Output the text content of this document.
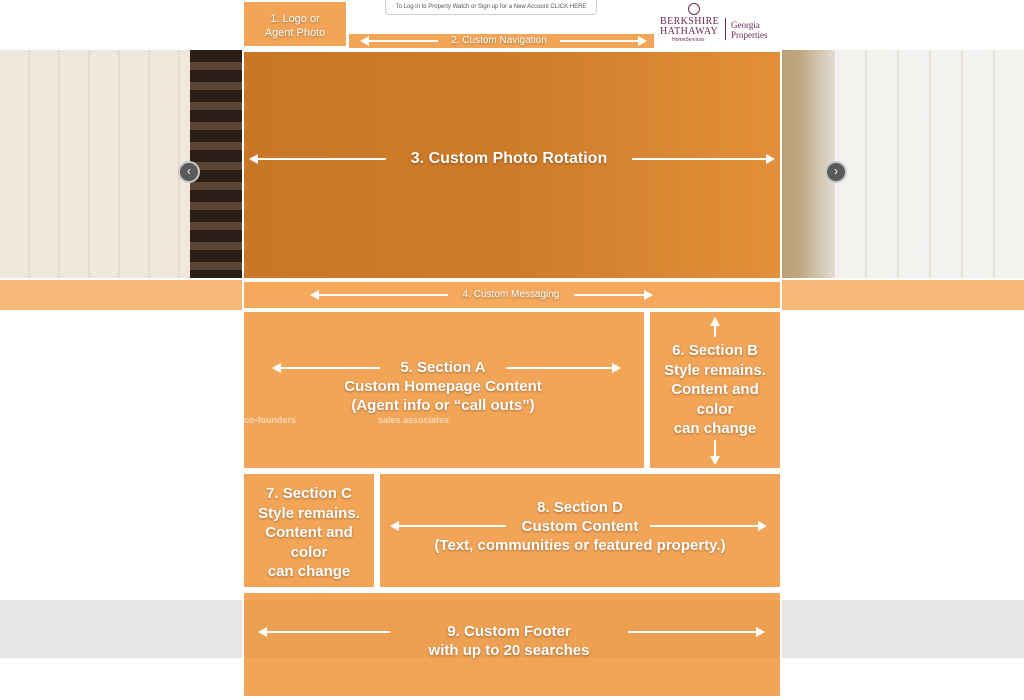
To Log in to Property Watch or Sign up for a New Account CLICK HERE
BERKSHIRE
HATHAWAY
HomeServices
Georgia
Properties
‹	›
1. Logo or
Agent Photo
2. Custom Navigation
3. Custom Photo Rotation
4. Custom Messaging
co-founders	sales associates
5. Section A
Custom Homepage Content
(Agent info or “call outs”)
6. Section B
Style remains.
Content and
color
can change
7. Section C
Style remains.
Content and
color
can change
8. Section D
Custom Content
(Text, communities or featured property.)
9. Custom Footer
with up to 20 searches
